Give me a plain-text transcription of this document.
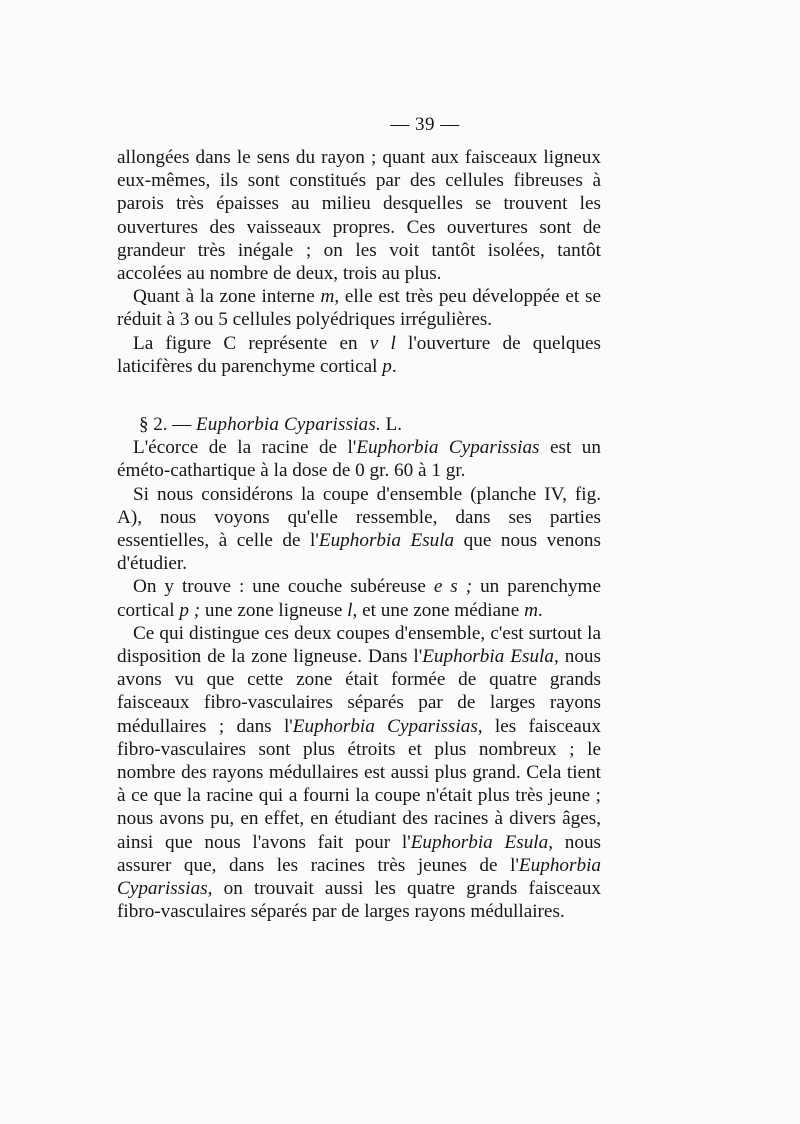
— 39 —

allongées dans le sens du rayon ; quant aux faisceaux ligneux eux-mêmes, ils sont constitués par des cellules fibreuses à parois très épaisses au milieu desquelles se trouvent les ouvertures des vaisseaux propres. Ces ouvertures sont de grandeur très inégale ; on les voit tantôt isolées, tantôt accolées au nombre de deux, trois au plus.

Quant à la zone interne m, elle est très peu développée et se réduit à 3 ou 5 cellules polyédriques irrégulières.

La figure C représente en v l l'ouverture de quelques laticifères du parenchyme cortical p.

§ 2. — Euphorbia Cyparissias. L.

L'écorce de la racine de l'Euphorbia Cyparissias est un éméto-cathartique à la dose de 0 gr. 60 à 1 gr.

Si nous considérons la coupe d'ensemble (planche IV, fig. A), nous voyons qu'elle ressemble, dans ses parties essentielles, à celle de l'Euphorbia Esula que nous venons d'étudier.

On y trouve : une couche subéreuse e s ; un parenchyme cortical p ; une zone ligneuse l, et une zone médiane m.

Ce qui distingue ces deux coupes d'ensemble, c'est surtout la disposition de la zone ligneuse. Dans l'Euphorbia Esula, nous avons vu que cette zone était formée de quatre grands faisceaux fibro-vasculaires séparés par de larges rayons médullaires ; dans l'Euphorbia Cyparissias, les faisceaux fibro-vasculaires sont plus étroits et plus nombreux ; le nombre des rayons médullaires est aussi plus grand. Cela tient à ce que la racine qui a fourni la coupe n'était plus très jeune ; nous avons pu, en effet, en étudiant des racines à divers âges, ainsi que nous l'avons fait pour l'Euphorbia Esula, nous assurer que, dans les racines très jeunes de l'Euphorbia Cyparissias, on trouvait aussi les quatre grands faisceaux fibro-vasculaires séparés par de larges rayons médullaires.
